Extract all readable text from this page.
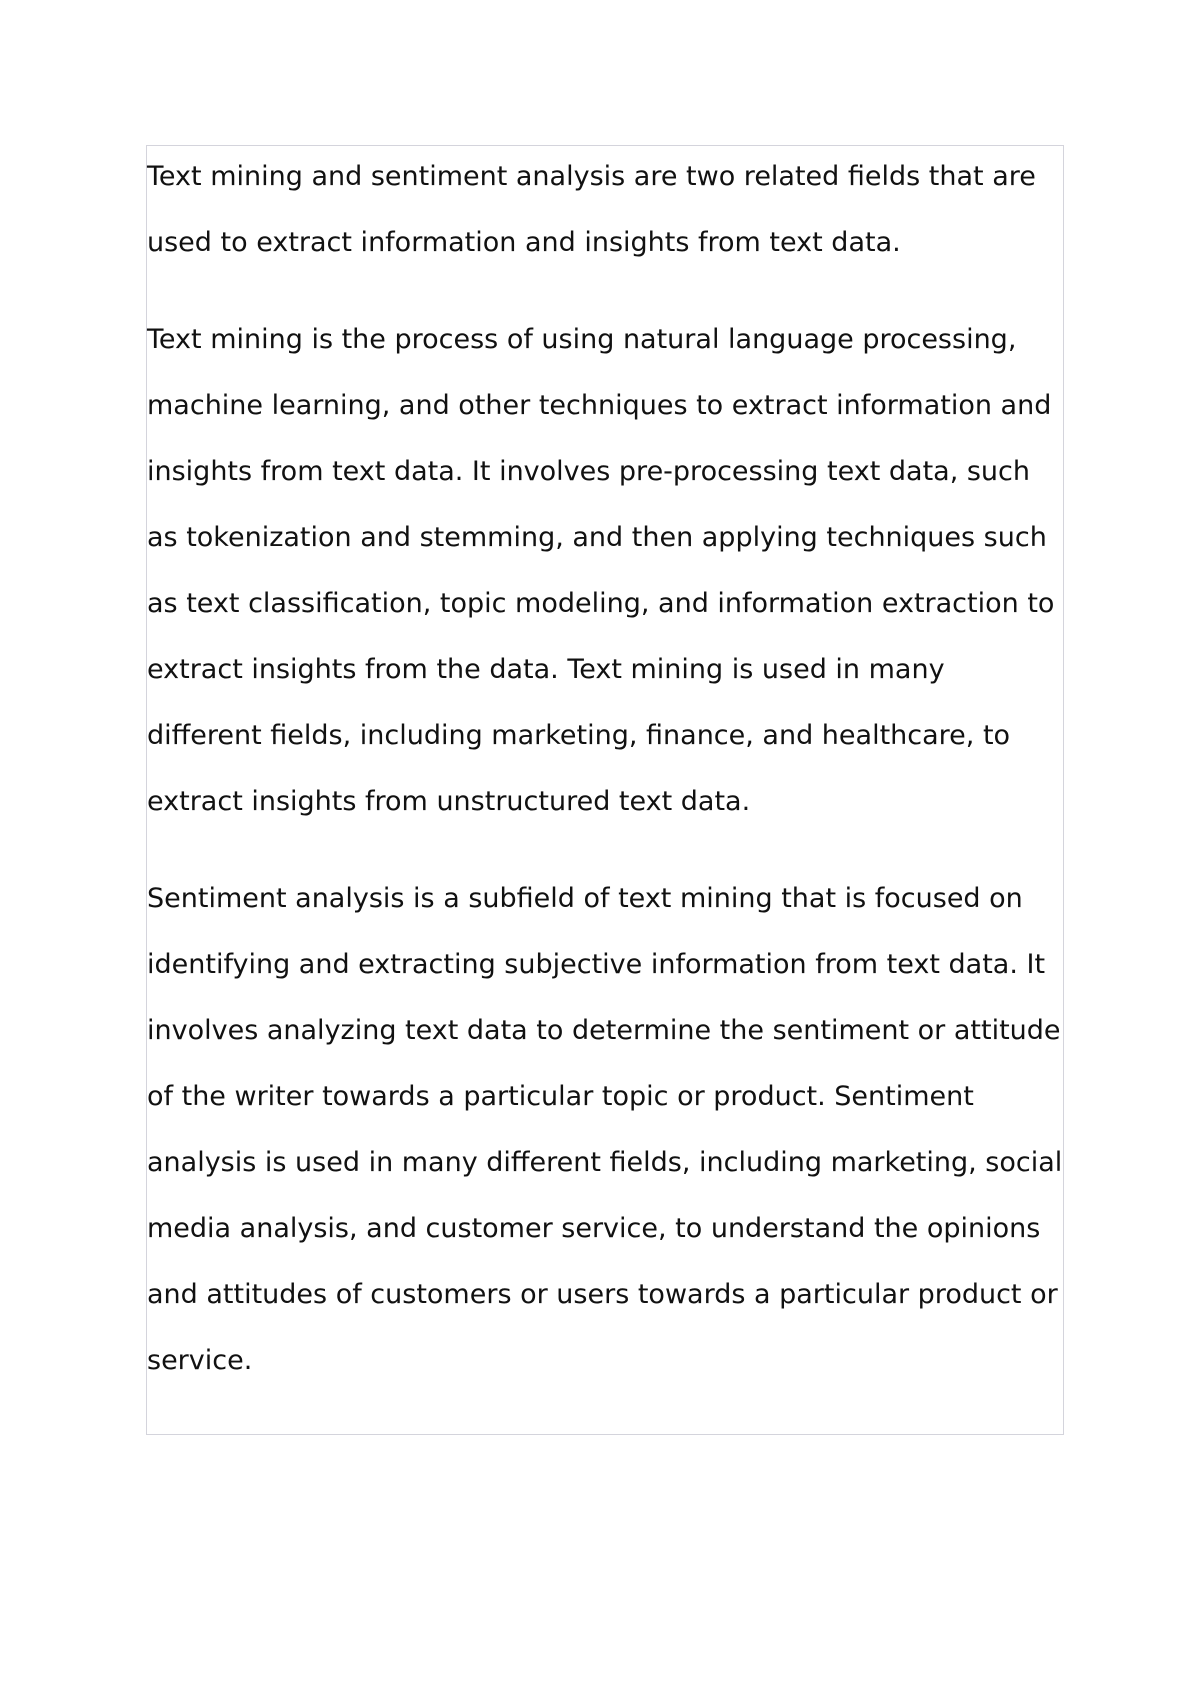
Text mining and sentiment analysis are two related fields that are used to extract information and insights from text data.

Text mining is the process of using natural language processing, machine learning, and other techniques to extract information and insights from text data. It involves pre-processing text data, such as tokenization and stemming, and then applying techniques such as text classification, topic modeling, and information extraction to extract insights from the data. Text mining is used in many different fields, including marketing, finance, and healthcare, to extract insights from unstructured text data.

Sentiment analysis is a subfield of text mining that is focused on identifying and extracting subjective information from text data. It involves analyzing text data to determine the sentiment or attitude of the writer towards a particular topic or product. Sentiment analysis is used in many different fields, including marketing, social media analysis, and customer service, to understand the opinions and attitudes of customers or users towards a particular product or service.
